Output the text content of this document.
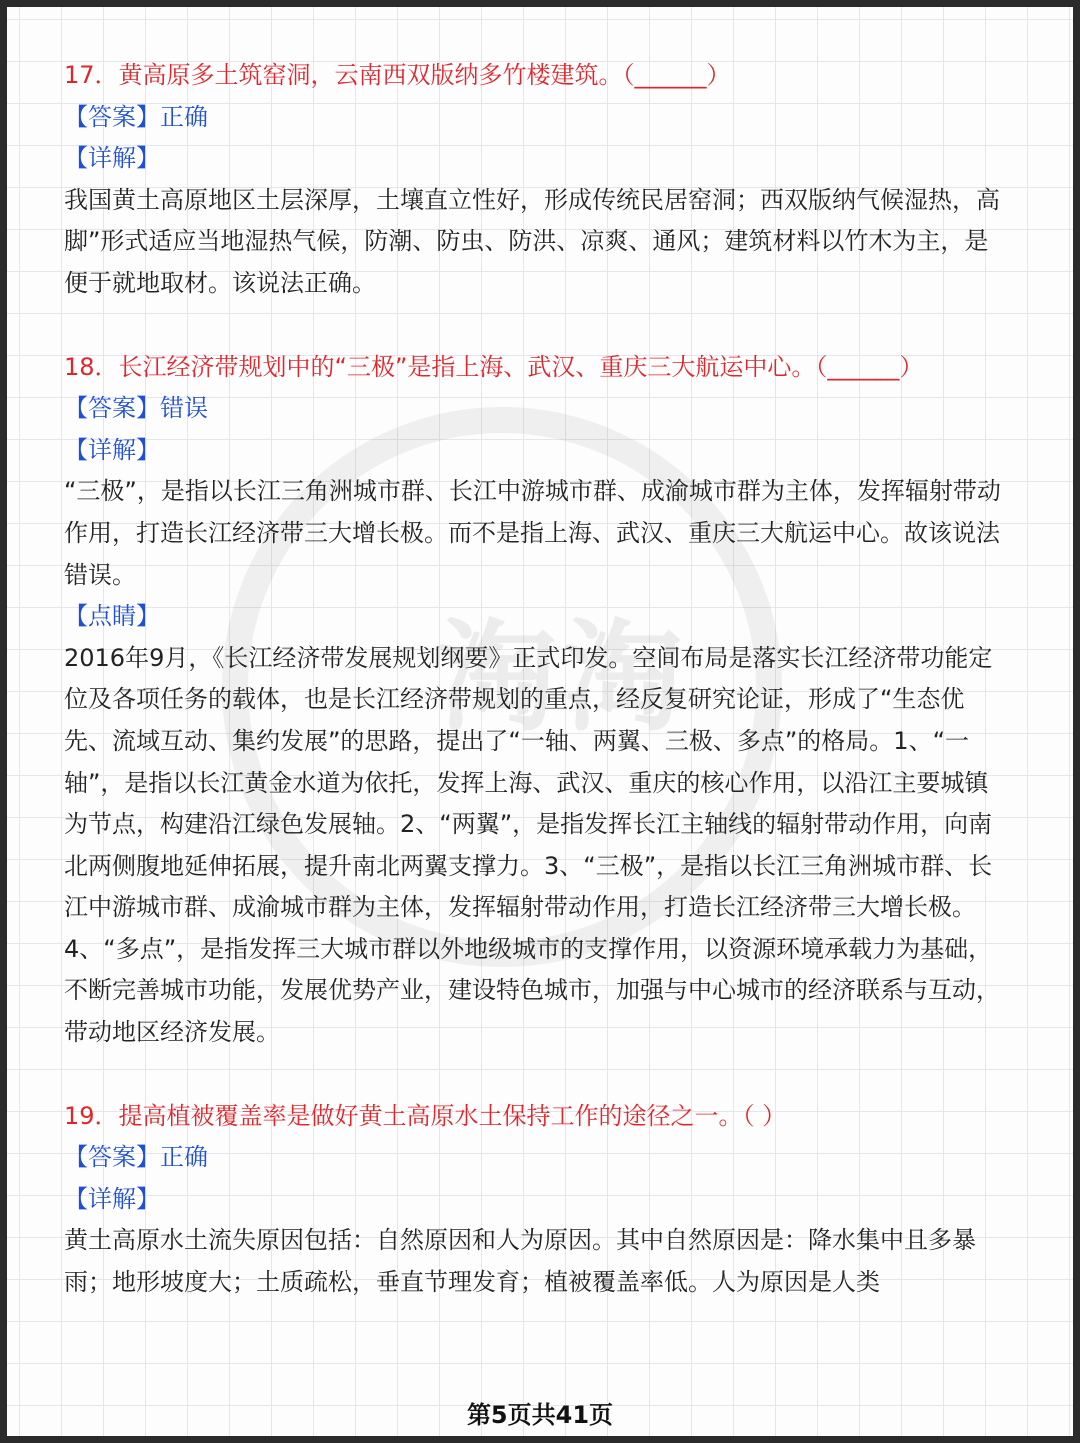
淘淘
17．黄高原多土筑窑洞，云南西双版纳多竹楼建筑。（______）
【答案】正确
【详解】
我国黄土高原地区土层深厚，土壤直立性好，形成传统民居窑洞；西双版纳气候湿热，高脚”形式适应当地湿热气候，防潮、防虫、防洪、凉爽、通风；建筑材料以竹木为主，是便于就地取材。该说法正确。
18．长江经济带规划中的“三极”是指上海、武汉、重庆三大航运中心。（______）
【答案】错误
【详解】
“三极”，是指以长江三角洲城市群、长江中游城市群、成渝城市群为主体，发挥辐射带动作用，打造长江经济带三大增长极。而不是指上海、武汉、重庆三大航运中心。故该说法错误。
【点睛】
2016年9月，《长江经济带发展规划纲要》正式印发。空间布局是落实长江经济带功能定位及各项任务的载体，也是长江经济带规划的重点，经反复研究论证，形成了“生态优先、流域互动、集约发展”的思路，提出了“一轴、两翼、三极、多点”的格局。1、“一轴”，是指以长江黄金水道为依托，发挥上海、武汉、重庆的核心作用，以沿江主要城镇为节点，构建沿江绿色发展轴。2、“两翼”，是指发挥长江主轴线的辐射带动作用，向南北两侧腹地延伸拓展，提升南北两翼支撑力。3、“三极”，是指以长江三角洲城市群、长江中游城市群、成渝城市群为主体，发挥辐射带动作用，打造长江经济带三大增长极。4、“多点”，是指发挥三大城市群以外地级城市的支撑作用，以资源环境承载力为基础，不断完善城市功能，发展优势产业，建设特色城市，加强与中心城市的经济联系与互动，带动地区经济发展。
19．提高植被覆盖率是做好黄土高原水土保持工作的途径之一。（ ）
【答案】正确
【详解】
黄土高原水土流失原因包括：自然原因和人为原因。其中自然原因是：降水集中且多暴雨；地形坡度大；土质疏松，垂直节理发育；植被覆盖率低。人为原因是人类
第5页共41页
